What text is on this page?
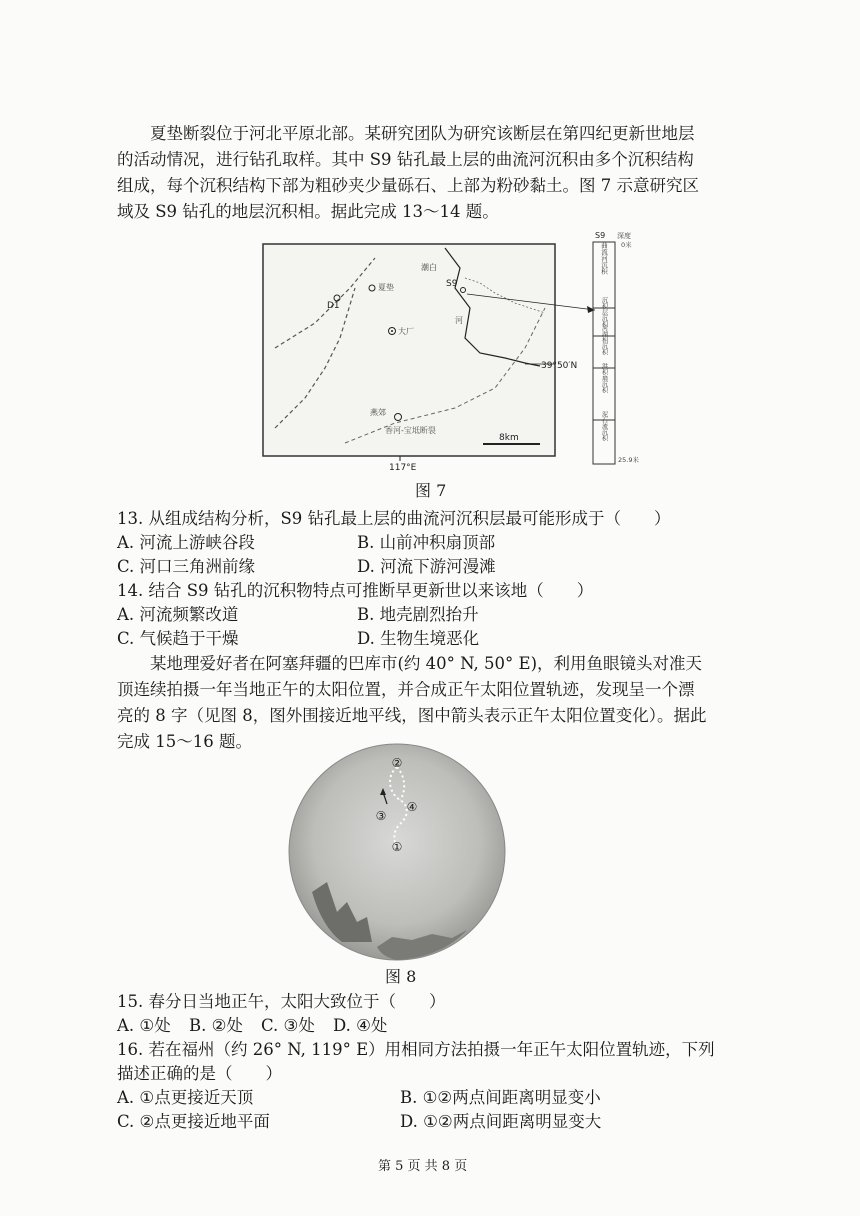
　　夏垫断裂位于河北平原北部。某研究团队为研究该断层在第四纪更新世地层
的活动情况，进行钻孔取样。其中 S9 钻孔最上层的曲流河沉积由多个沉积结构
组成，每个沉积结构下部为粗砂夹少量砾石、上部为粉砂黏土。图 7 示意研究区
域及 S9 钻孔的地层沉积相。据此完成 13～14 题。
夏垫
大厂
燕郊
潮白
D1
S9
香河-宝坻断裂
河
39°50′N
8km
117°E
S9 深度
0米
曲流河沉积
沉积层沉积
河湖相沉积
洪积扇沉积
泥石流沉积
25.9米
图 7
13. 从组成结构分析，S9 钻孔最上层的曲流河沉积层最可能形成于（　　）
A. 河流上游峡谷段	B. 山前冲积扇顶部
C. 河口三角洲前缘	D. 河流下游河漫滩
14. 结合 S9 钻孔的沉积物特点可推断早更新世以来该地（　　）
A. 河流频繁改道	B. 地壳剧烈抬升
C. 气候趋于干燥	D. 生物生境恶化
　　某地理爱好者在阿塞拜疆的巴库市(约 40° N, 50° E)，利用鱼眼镜头对准天
顶连续拍摄一年当地正午的太阳位置，并合成正午太阳位置轨迹，发现呈一个漂
亮的 8 字（见图 8，图外围接近地平线，图中箭头表示正午太阳位置变化）。据此
完成 15～16 题。
②
④
③
①
图 8
15. 春分日当地正午，太阳大致位于（　　）
A. ①处 B. ②处 C. ③处 D. ④处
16. 若在福州（约 26° N, 119° E）用相同方法拍摄一年正午太阳位置轨迹，下列
描述正确的是（　　）
A. ①点更接近天顶	B. ①②两点间距离明显变小
C. ②点更接近地平面	D. ①②两点间距离明显变大
第 5 页 共 8 页
